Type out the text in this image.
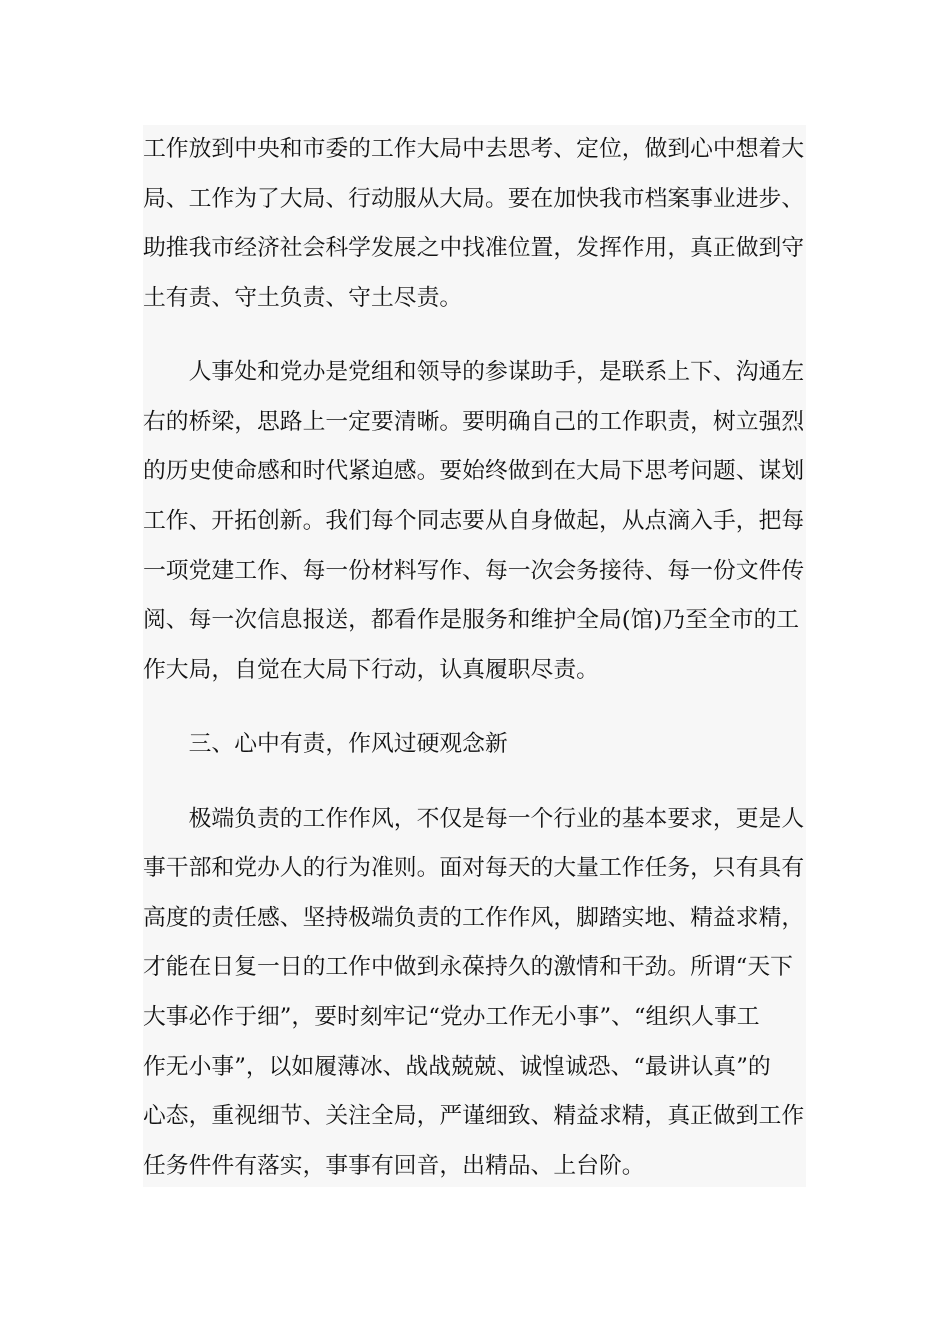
工作放到中央和市委的工作大局中去思考、定位，做到心中想着大
局、工作为了大局、行动服从大局。要在加快我市档案事业进步、
助推我市经济社会科学发展之中找准位置，发挥作用，真正做到守
土有责、守土负责、守土尽责。
人事处和党办是党组和领导的参谋助手，是联系上下、沟通左
右的桥梁，思路上一定要清晰。要明确自己的工作职责，树立强烈
的历史使命感和时代紧迫感。要始终做到在大局下思考问题、谋划
工作、开拓创新。我们每个同志要从自身做起，从点滴入手，把每
一项党建工作、每一份材料写作、每一次会务接待、每一份文件传
阅、每一次信息报送，都看作是服务和维护全局(馆)乃至全市的工
作大局，自觉在大局下行动，认真履职尽责。
三、心中有责，作风过硬观念新
极端负责的工作作风，不仅是每一个行业的基本要求，更是人
事干部和党办人的行为准则。面对每天的大量工作任务，只有具有
高度的责任感、坚持极端负责的工作作风，脚踏实地、精益求精，
才能在日复一日的工作中做到永葆持久的激情和干劲。所谓“天下
大事必作于细”，要时刻牢记“党办工作无小事”、“组织人事工
作无小事”，以如履薄冰、战战兢兢、诚惶诚恐、“最讲认真”的
心态，重视细节、关注全局，严谨细致、精益求精，真正做到工作
任务件件有落实，事事有回音，出精品、上台阶。
